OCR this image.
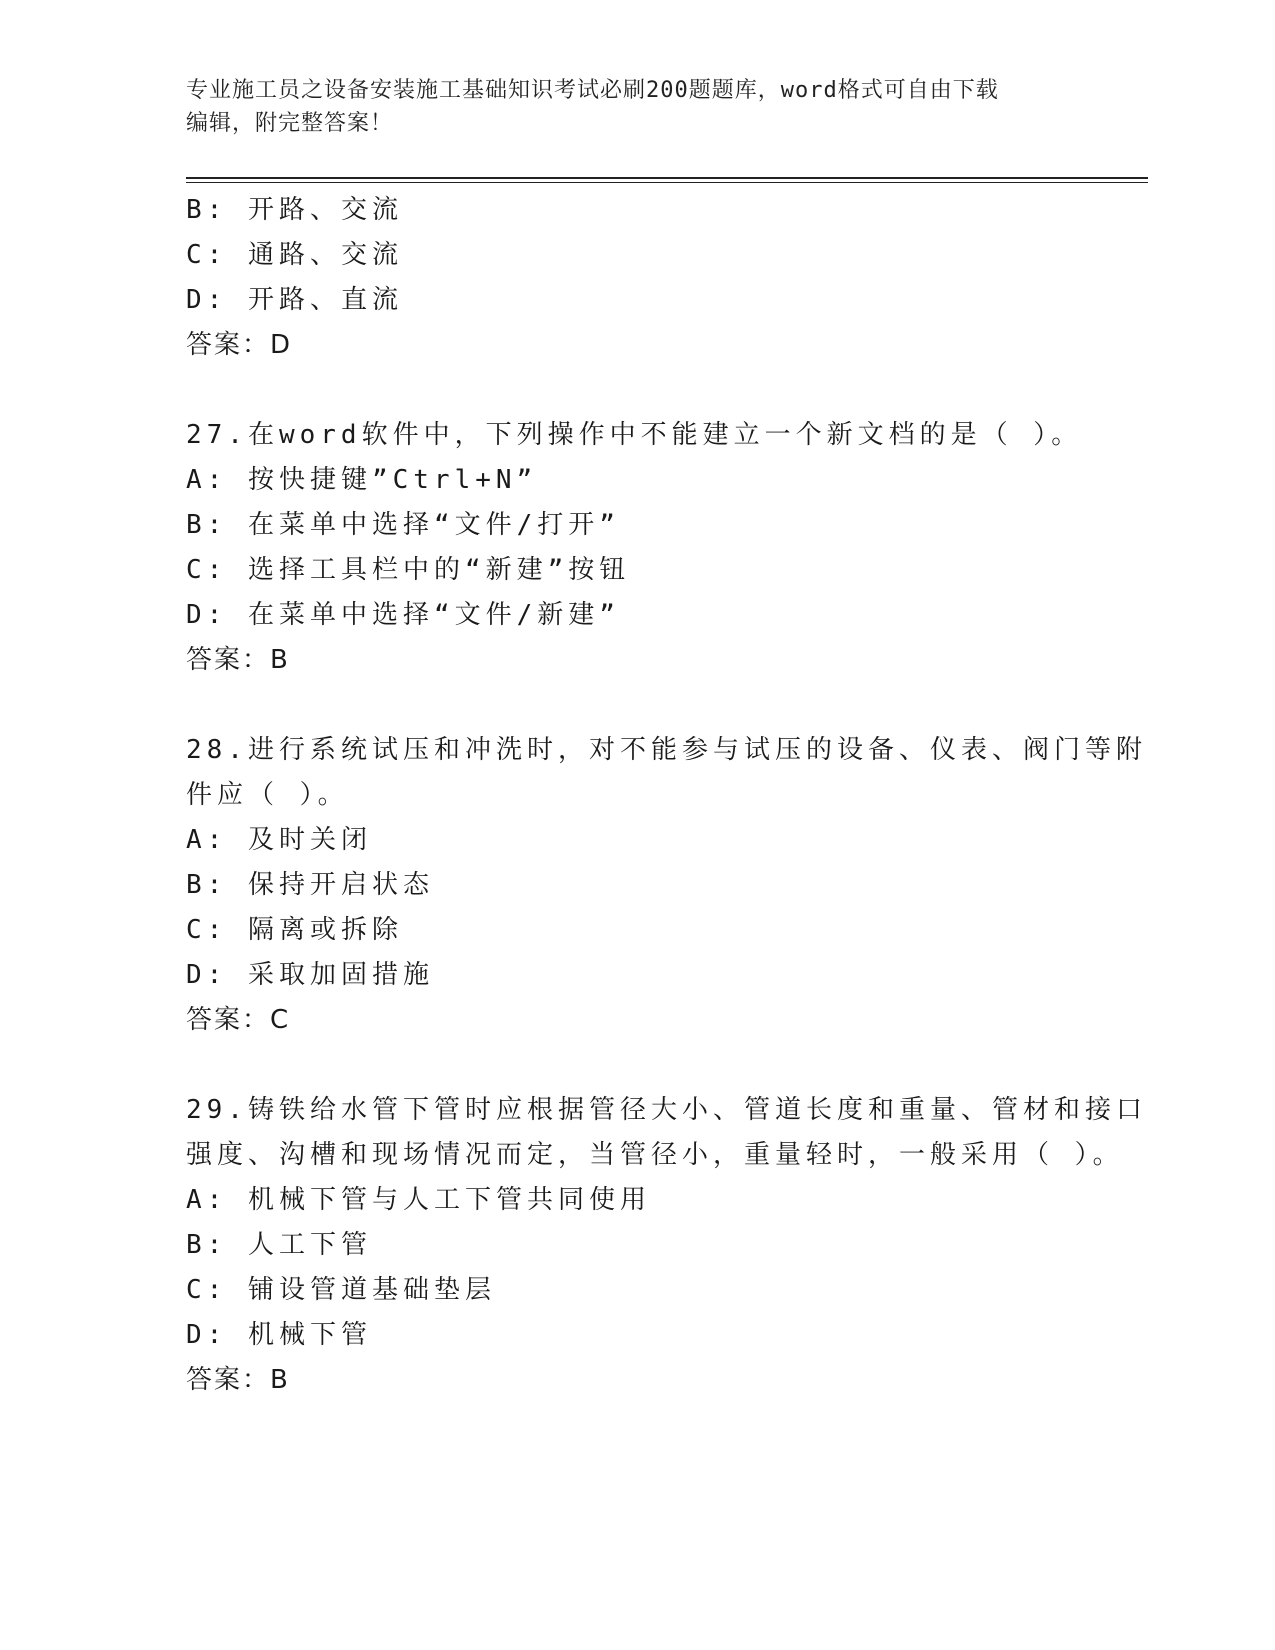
专业施工员之设备安装施工基础知识考试必刷200题题库，word格式可自由下载
编辑，附完整答案！
B: 开路、交流
C: 通路、交流
D: 开路、直流
答案：D
27.在word软件中，下列操作中不能建立一个新文档的是（ ）。
A: 按快捷键”Ctrl+N”
B: 在菜单中选择“文件/打开”
C: 选择工具栏中的“新建”按钮
D: 在菜单中选择“文件/新建”
答案：B
28.进行系统试压和冲洗时，对不能参与试压的设备、仪表、阀门等附
件应（ ）。
A: 及时关闭
B: 保持开启状态
C: 隔离或拆除
D: 采取加固措施
答案：C
29.铸铁给水管下管时应根据管径大小、管道长度和重量、管材和接口
强度、沟槽和现场情况而定，当管径小，重量轻时，一般采用（ ）。
A: 机械下管与人工下管共同使用
B: 人工下管
C: 铺设管道基础垫层
D: 机械下管
答案：B
